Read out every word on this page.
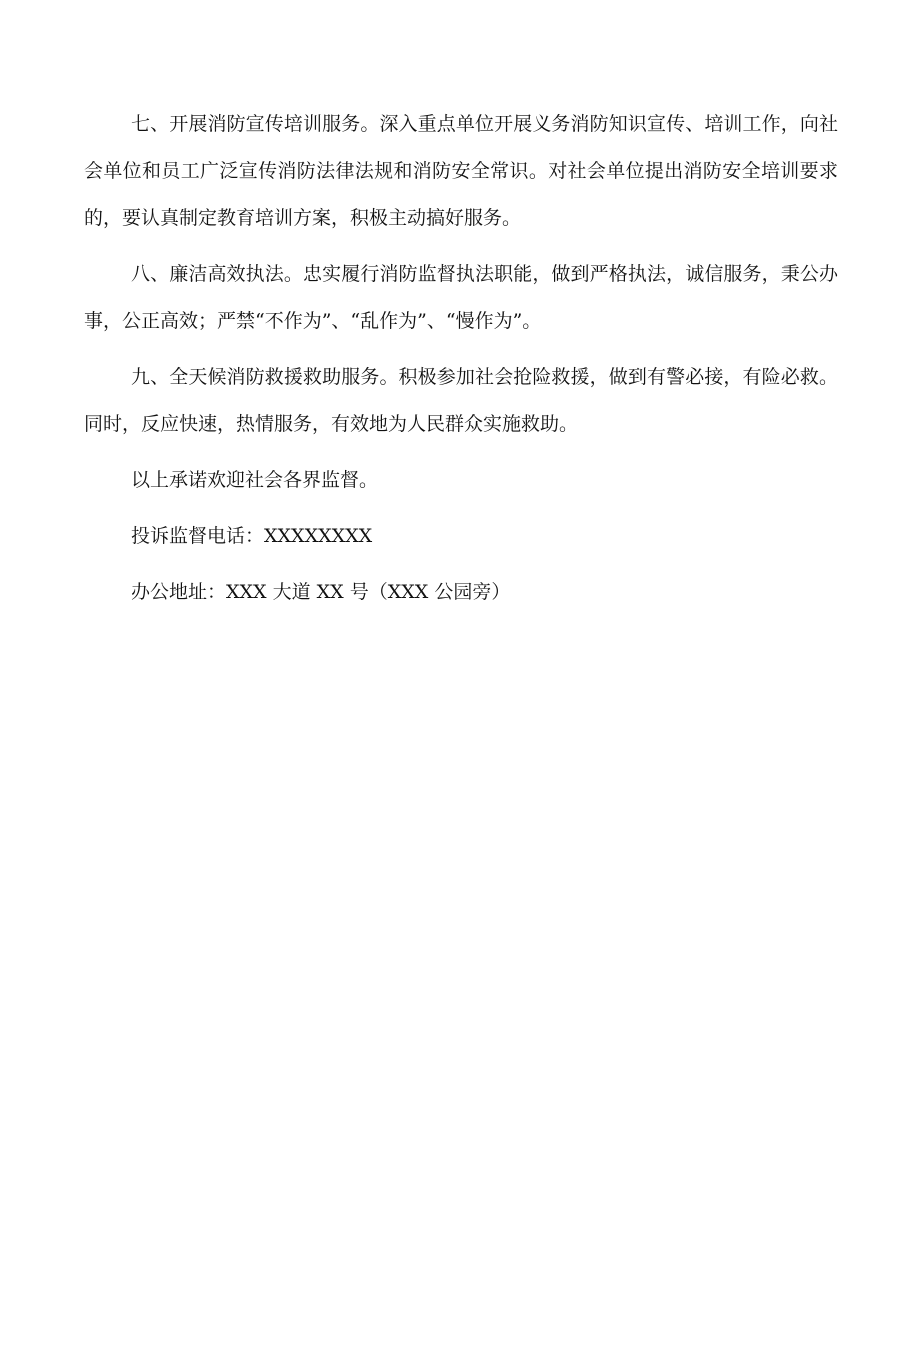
七、开展消防宣传培训服务。深入重点单位开展义务消防知识宣传、培训工作，向社会单位和员工广泛宣传消防法律法规和消防安全常识。对社会单位提出消防安全培训要求的，要认真制定教育培训方案，积极主动搞好服务。

八、廉洁高效执法。忠实履行消防监督执法职能，做到严格执法，诚信服务，秉公办事，公正高效；严禁“不作为”、“乱作为”、“慢作为”。

九、全天候消防救援救助服务。积极参加社会抢险救援，做到有警必接，有险必救。同时，反应快速，热情服务，有效地为人民群众实施救助。

以上承诺欢迎社会各界监督。

投诉监督电话：XXXXXXXX

办公地址：XXX 大道 XX 号（XXX 公园旁）
